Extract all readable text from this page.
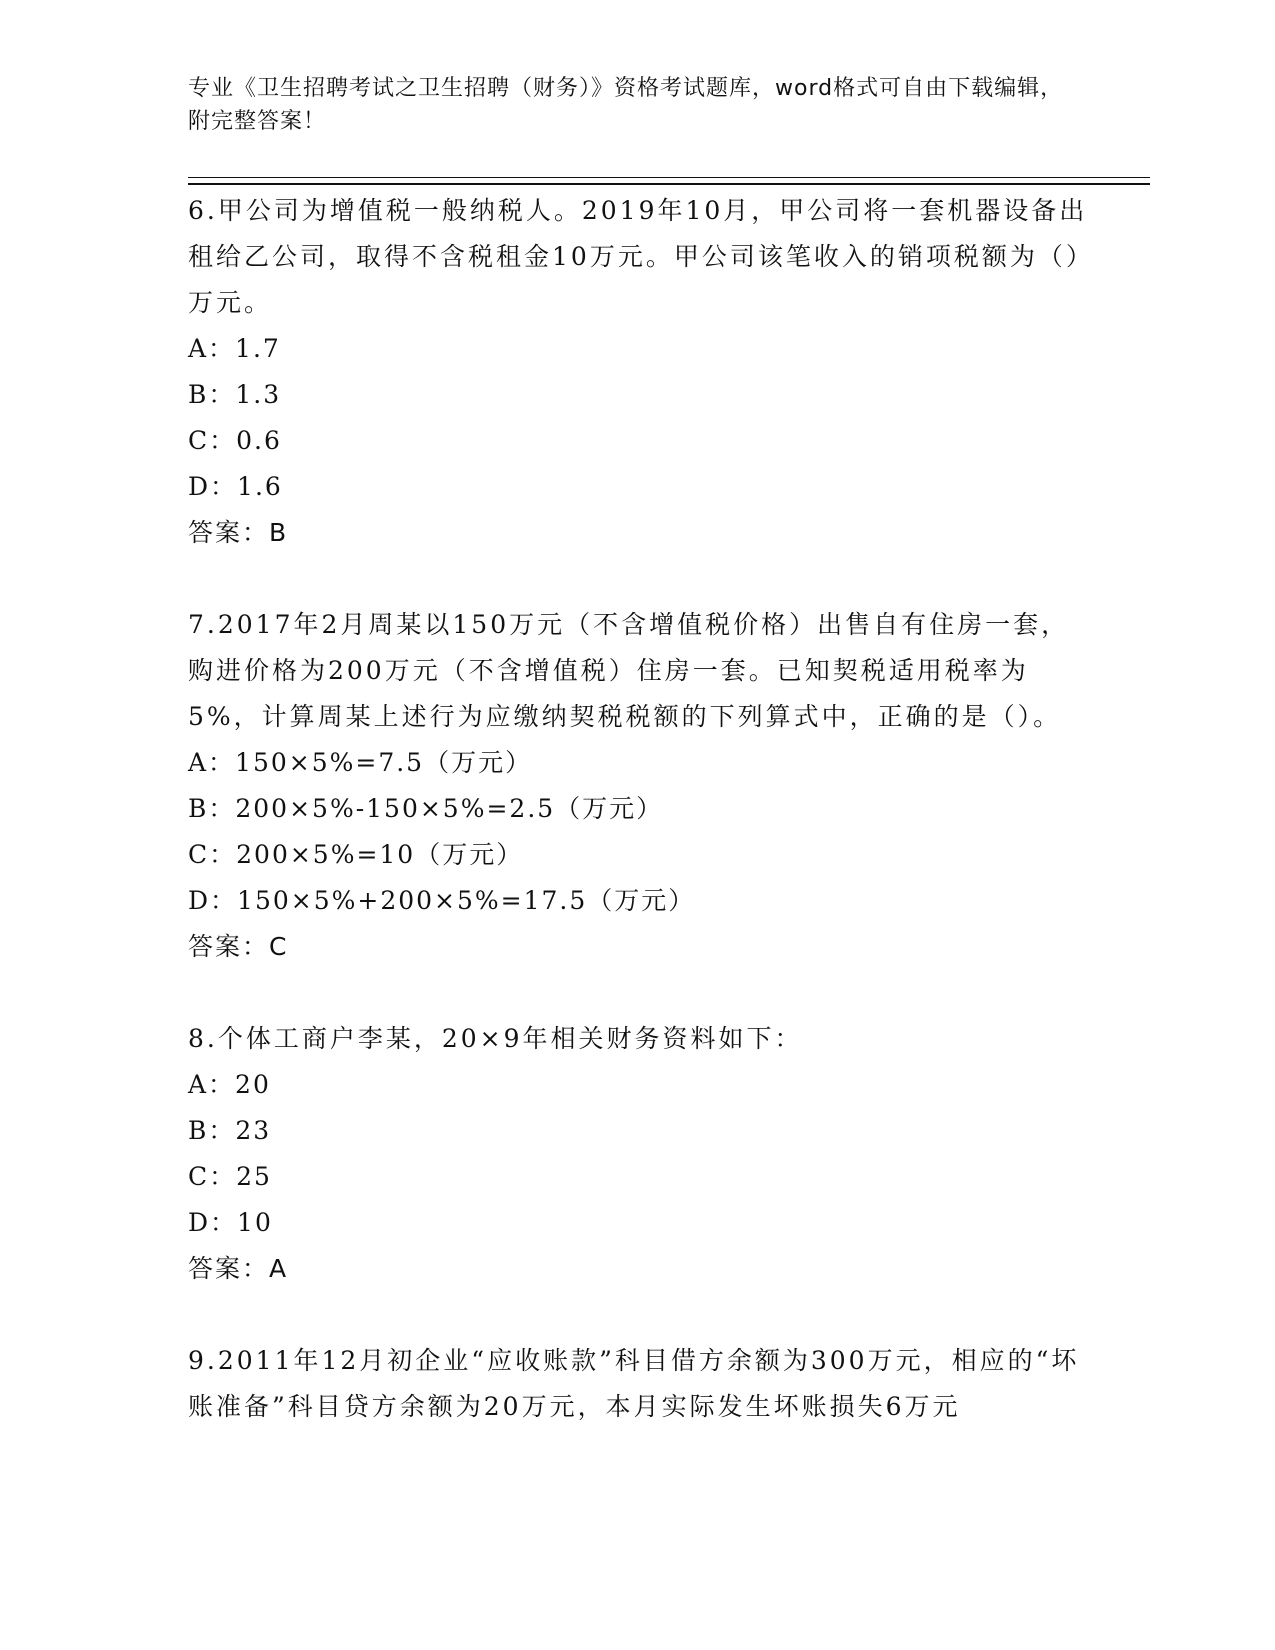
专业《卫生招聘考试之卫生招聘（财务）》资格考试题库，word格式可自由下载编辑，附完整答案！
6.甲公司为增值税一般纳税人。2019年10月，甲公司将一套机器设备出租给乙公司，取得不含税租金10万元。甲公司该笔收入的销项税额为（）万元。
A：1.7
B：1.3
C：0.6
D：1.6
答案：B
7.2017年2月周某以150万元（不含增值税价格）出售自有住房一套，购进价格为200万元（不含增值税）住房一套。已知契税适用税率为5%，计算周某上述行为应缴纳契税税额的下列算式中，正确的是（）。
A：150×5%=7.5（万元）
B：200×5%-150×5%=2.5（万元）
C：200×5%=10（万元）
D：150×5%+200×5%=17.5（万元）
答案：C
8.个体工商户李某，20×9年相关财务资料如下：
A：20
B：23
C：25
D：10
答案：A
9.2011年12月初企业“应收账款”科目借方余额为300万元，相应的“坏账准备”科目贷方余额为20万元，本月实际发生坏账损失6万元
